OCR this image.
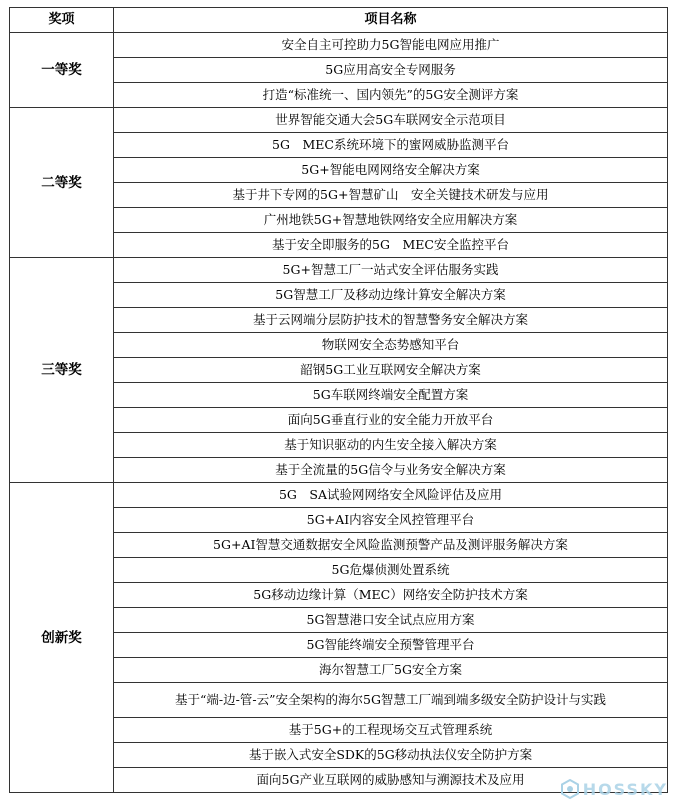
奖项	项目名称
一等奖	安全自主可控助力5G智能电网应用推广
	5G应用高安全专网服务
	打造“标准统一、国内领先”的5G安全测评方案
二等奖	世界智能交通大会5G车联网安全示范项目
	5G　MEC系统环境下的蜜网威胁监测平台
	5G+智能电网网络安全解决方案
	基于井下专网的5G+智慧矿山　安全关键技术研发与应用
	广州地铁5G+智慧地铁网络安全应用解决方案
	基于安全即服务的5G　MEC安全监控平台
三等奖	5G+智慧工厂一站式安全评估服务实践
	5G智慧工厂及移动边缘计算安全解决方案
	基于云网端分层防护技术的智慧警务安全解决方案
	物联网安全态势感知平台
	韶钢5G工业互联网安全解决方案
	5G车联网终端安全配置方案
	面向5G垂直行业的安全能力开放平台
	基于知识驱动的内生安全接入解决方案
	基于全流量的5G信令与业务安全解决方案
创新奖	5G　SA试验网网络安全风险评估及应用
	5G+AI内容安全风控管理平台
	5G+AI智慧交通数据安全风险监测预警产品及测评服务解决方案
	5G危爆侦测处置系统
	5G移动边缘计算（MEC）网络安全防护技术方案
	5G智慧港口安全试点应用方案
	5G智能终端安全预警管理平台
	海尔智慧工厂5G安全方案
	基于“端-边-管-云”安全架构的海尔5G智慧工厂端到端多级安全防护设计与实践
	基于5G+的工程现场交互式管理系统
	基于嵌入式安全SDK的5G移动执法仪安全防护方案
	面向5G产业互联网的威胁感知与溯源技术及应用	HOSSKY
